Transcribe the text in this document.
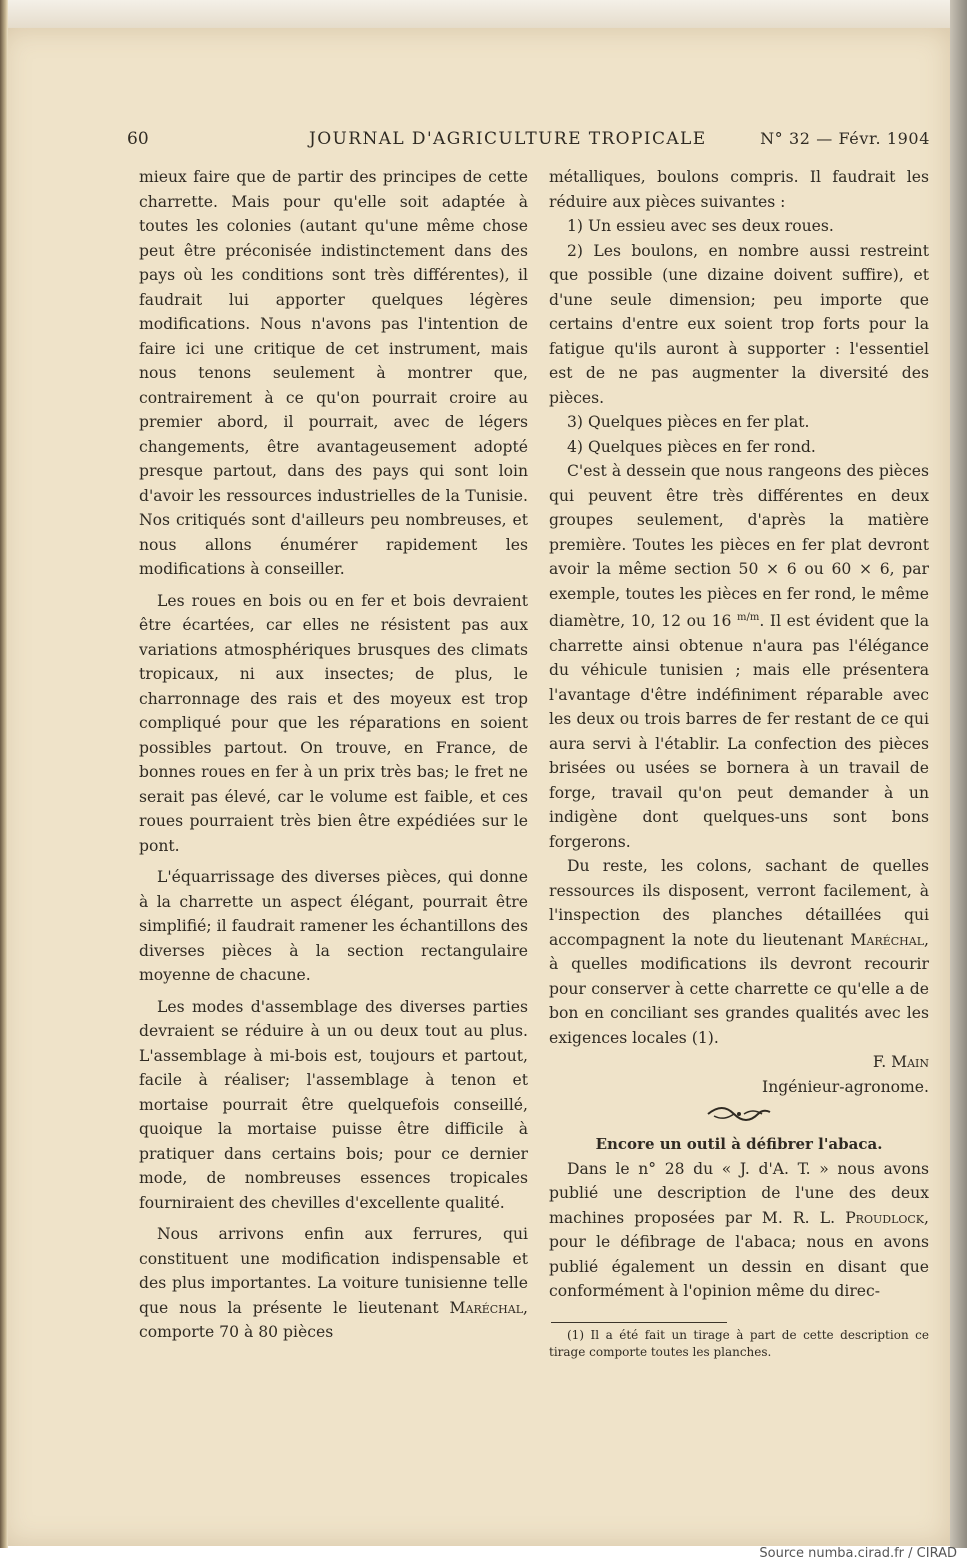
60	JOURNAL D'AGRICULTURE TROPICALE	N° 32 — Févr. 1904

mieux faire que de partir des principes de cette charrette. Mais pour qu'elle soit adaptée à toutes les colonies (autant qu'une même chose peut être préconisée indistinctement dans des pays où les conditions sont très différentes), il faudrait lui apporter quelques légères modifications. Nous n'avons pas l'intention de faire ici une critique de cet instrument, mais nous tenons seulement à montrer que, contrairement à ce qu'on pourrait croire au premier abord, il pourrait, avec de légers changements, être avantageusement adopté presque partout, dans des pays qui sont loin d'avoir les ressources industrielles de la Tunisie. Nos critiqués sont d'ailleurs peu nombreuses, et nous allons énumérer rapidement les modifications à conseiller.

Les roues en bois ou en fer et bois devraient être écartées, car elles ne résistent pas aux variations atmosphériques brusques des climats tropicaux, ni aux insectes; de plus, le charronnage des rais et des moyeux est trop compliqué pour que les réparations en soient possibles partout. On trouve, en France, de bonnes roues en fer à un prix très bas; le fret ne serait pas élevé, car le volume est faible, et ces roues pourraient très bien être expédiées sur le pont.

L'équarrissage des diverses pièces, qui donne à la charrette un aspect élégant, pourrait être simplifié; il faudrait ramener les échantillons des diverses pièces à la section rectangulaire moyenne de chacune.

Les modes d'assemblage des diverses parties devraient se réduire à un ou deux tout au plus. L'assemblage à mi-bois est, toujours et partout, facile à réaliser; l'assemblage à tenon et mortaise pourrait être quelquefois conseillé, quoique la mortaise puisse être difficile à pratiquer dans certains bois; pour ce dernier mode, de nombreuses essences tropicales fourniraient des chevilles d'excellente qualité.

Nous arrivons enfin aux ferrures, qui constituent une modification indispensable et des plus importantes. La voiture tunisienne telle que nous la présente le lieutenant Maréchal, comporte 70 à 80 pièces

métalliques, boulons compris. Il faudrait les réduire aux pièces suivantes :

1) Un essieu avec ses deux roues.

2) Les boulons, en nombre aussi restreint que possible (une dizaine doivent suffire), et d'une seule dimension; peu importe que certains d'entre eux soient trop forts pour la fatigue qu'ils auront à supporter : l'essentiel est de ne pas augmenter la diversité des pièces.

3) Quelques pièces en fer plat.

4) Quelques pièces en fer rond.

C'est à dessein que nous rangeons des pièces qui peuvent être très différentes en deux groupes seulement, d'après la matière première. Toutes les pièces en fer plat devront avoir la même section 50 × 6 ou 60 × 6, par exemple, toutes les pièces en fer rond, le même diamètre, 10, 12 ou 16 $^{m/m}$. Il est évident que la charrette ainsi obtenue n'aura pas l'élégance du véhicule tunisien ; mais elle présentera l'avantage d'être indéfiniment réparable avec les deux ou trois barres de fer restant de ce qui aura servi à l'établir. La confection des pièces brisées ou usées se bornera à un travail de forge, travail qu'on peut demander à un indigène dont quelques-uns sont bons forgerons.

Du reste, les colons, sachant de quelles ressources ils disposent, verront facilement, à l'inspection des planches détaillées qui accompagnent la note du lieutenant Maréchal, à quelles modifications ils devront recourir pour conserver à cette charrette ce qu'elle a de bon en conciliant ses grandes qualités avec les exigences locales (1).

F. Main

Ingénieur-agronome.

Encore un outil à défibrer l'abaca.

Dans le n° 28 du « J. d'A. T. » nous avons publié une description de l'une des deux machines proposées par M. R. L. Proudlock, pour le défibrage de l'abaca; nous en avons publié également un dessin en disant que conformément à l'opinion même du direc-

(1) Il a été fait un tirage à part de cette description ce tirage comporte toutes les planches.

Source numba.cirad.fr / CIRAD
